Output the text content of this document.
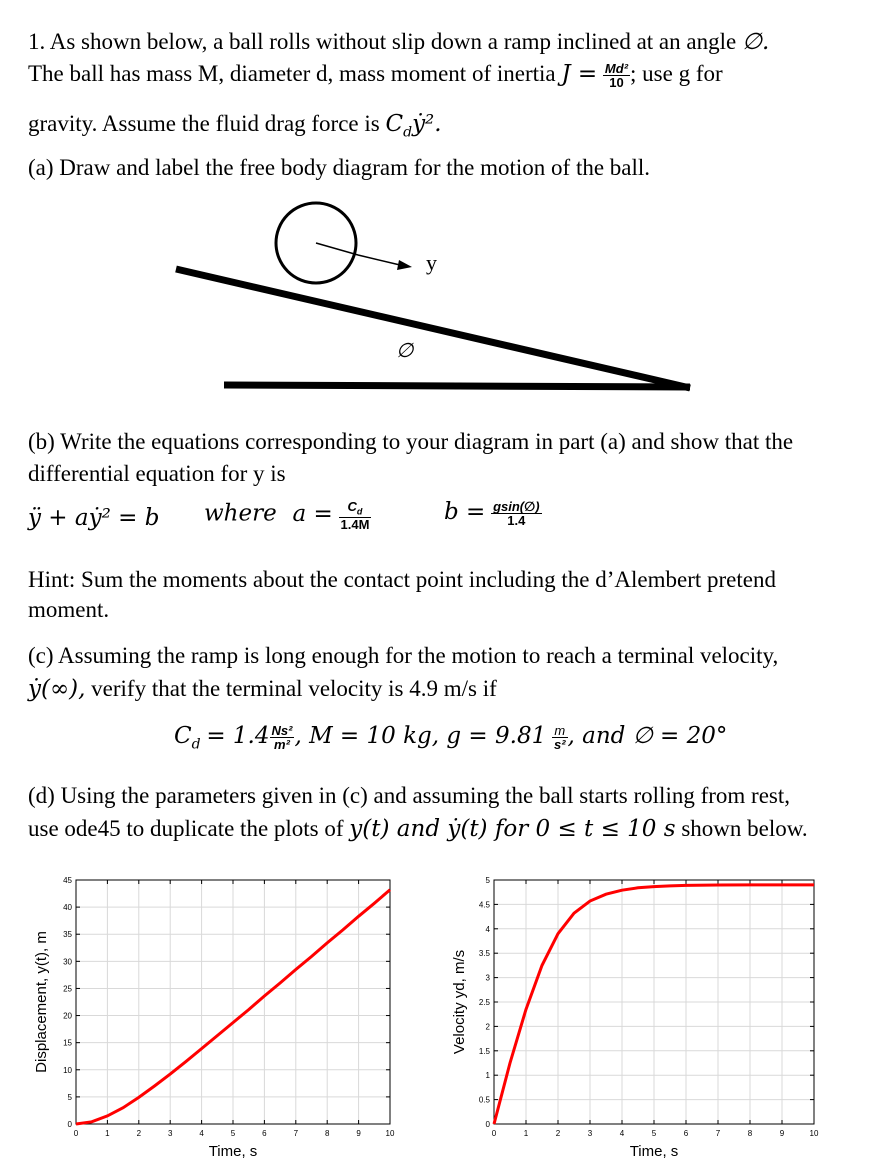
1. As shown below, a ball rolls without slip down a ramp inclined at an angle ∅.
The ball has mass M, diameter d, mass moment of inertia $J = \frac{\text{Md²}}{10}$ ; use g for
gravity. Assume the fluid drag force is $C_dẏ^2$.
(a) Draw and label the free body diagram for the motion of the ball.
y
∅
(b) Write the equations corresponding to your diagram in part (a) and show that the
differential equation for y is
ÿ + aẏ² = b where $a = \frac{C_d}{1.4M}$	$b = \frac{gsin(\emptyset)}{1.4}$
Hint: Sum the moments about the contact point including the d’Alembert pretend
moment.
(c) Assuming the ramp is long enough for the motion to reach a terminal velocity,
ẏ(∞), verify that the terminal velocity is 4.9 m/s if
$C_d = 1.4 \frac{\text{Ns²}}{\text{m²}}$ , M = 10 kg, $g = 9.81 \frac{m}{\text{s²}}$ , and ∅ = 20°
(d) Using the parameters given in (c) and assuming the ball starts rolling from rest,
use ode45 to duplicate the plots of y(t) and ẏ(t) for 0 ≤ t ≤ 10 s shown below.
0	1	2	3	4	5	6	7	8	9	10
0
5
10
15
20
25
30
35
40
45
Time, s
Displacement, y(t), m
0	1	2	3	4	5	6	7	8	9	10
0
0.5
1
1.5
2
2.5
3
3.5
4
4.5
5
Time, s
Velocity yd, m/s
